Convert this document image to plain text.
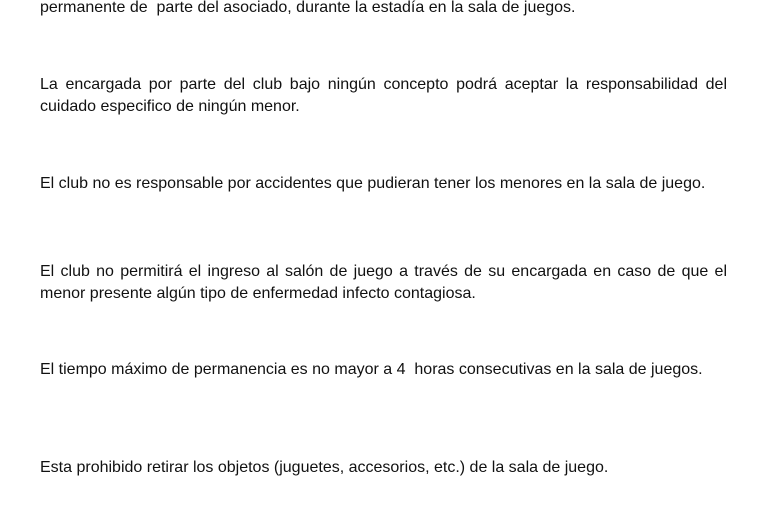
permanente de  parte del asociado, durante la estadía en la sala de juegos.

La encargada por parte del club bajo ningún concepto podrá aceptar la responsabilidad del cuidado especifico de ningún menor.

El club no es responsable por accidentes que pudieran tener los menores en la sala de juego.

El club no permitirá el ingreso al salón de juego a través de su encargada en caso de que el menor presente algún tipo de enfermedad infecto contagiosa.

El tiempo máximo de permanencia es no mayor a 4  horas consecutivas en la sala de juegos.

Esta prohibido retirar los objetos (juguetes, accesorios, etc.) de la sala de juego.
